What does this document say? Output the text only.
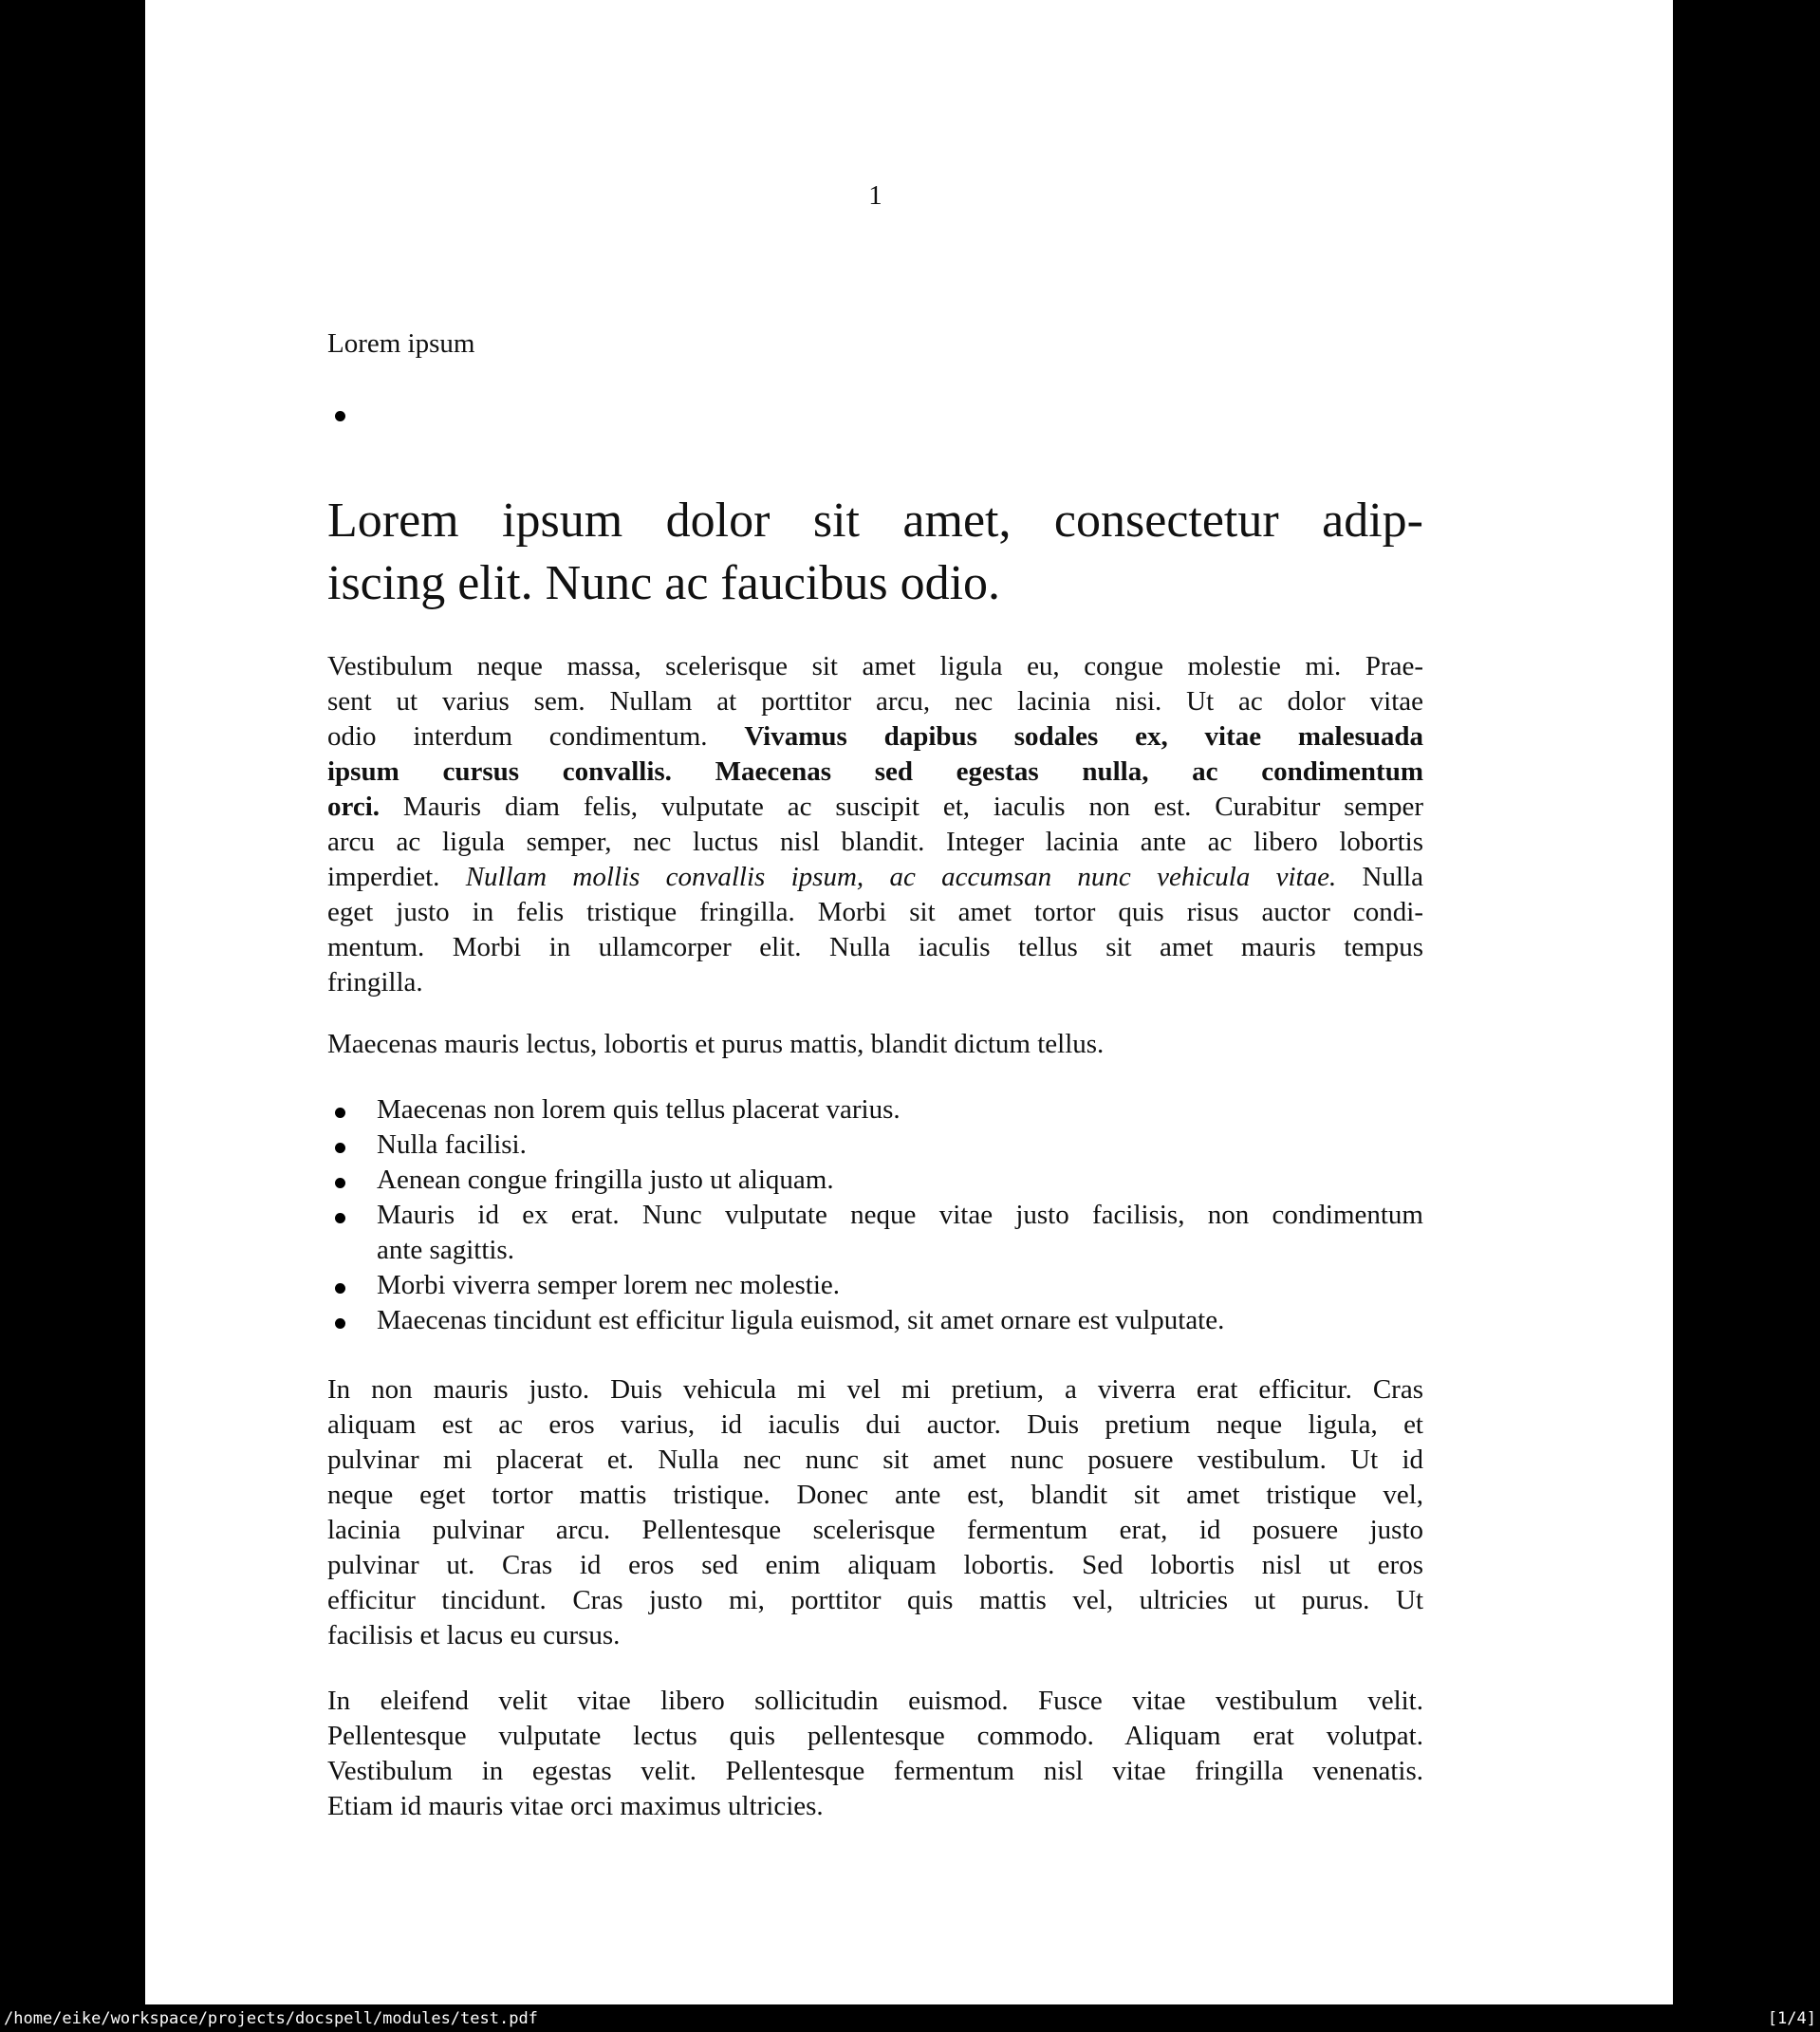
1
Lorem ipsum
Lorem ipsum dolor sit amet, consectetur adip-
iscing elit. Nunc ac faucibus odio.
Vestibulum neque massa, scelerisque sit amet ligula eu, congue molestie mi. Prae-
sent ut varius sem. Nullam at porttitor arcu, nec lacinia nisi. Ut ac dolor vitae
odio interdum condimentum. Vivamus dapibus sodales ex, vitae malesuada
ipsum cursus convallis. Maecenas sed egestas nulla, ac condimentum
orci. Mauris diam felis, vulputate ac suscipit et, iaculis non est. Curabitur semper
arcu ac ligula semper, nec luctus nisl blandit. Integer lacinia ante ac libero lobortis
imperdiet. Nullam mollis convallis ipsum, ac accumsan nunc vehicula vitae. Nulla
eget justo in felis tristique fringilla. Morbi sit amet tortor quis risus auctor condi-
mentum. Morbi in ullamcorper elit. Nulla iaculis tellus sit amet mauris tempus
fringilla.
Maecenas mauris lectus, lobortis et purus mattis, blandit dictum tellus.
Maecenas non lorem quis tellus placerat varius.
Nulla facilisi.
Aenean congue fringilla justo ut aliquam.
Mauris id ex erat. Nunc vulputate neque vitae justo facilisis, non condimentum
ante sagittis.
Morbi viverra semper lorem nec molestie.
Maecenas tincidunt est efficitur ligula euismod, sit amet ornare est vulputate.
In non mauris justo. Duis vehicula mi vel mi pretium, a viverra erat efficitur. Cras
aliquam est ac eros varius, id iaculis dui auctor. Duis pretium neque ligula, et
pulvinar mi placerat et. Nulla nec nunc sit amet nunc posuere vestibulum. Ut id
neque eget tortor mattis tristique. Donec ante est, blandit sit amet tristique vel,
lacinia pulvinar arcu. Pellentesque scelerisque fermentum erat, id posuere justo
pulvinar ut. Cras id eros sed enim aliquam lobortis. Sed lobortis nisl ut eros
efficitur tincidunt. Cras justo mi, porttitor quis mattis vel, ultricies ut purus. Ut
facilisis et lacus eu cursus.
In eleifend velit vitae libero sollicitudin euismod. Fusce vitae vestibulum velit.
Pellentesque vulputate lectus quis pellentesque commodo. Aliquam erat volutpat.
Vestibulum in egestas velit. Pellentesque fermentum nisl vitae fringilla venenatis.
Etiam id mauris vitae orci maximus ultricies.
/home/eike/workspace/projects/docspell/modules/test.pdf	[1/4]
